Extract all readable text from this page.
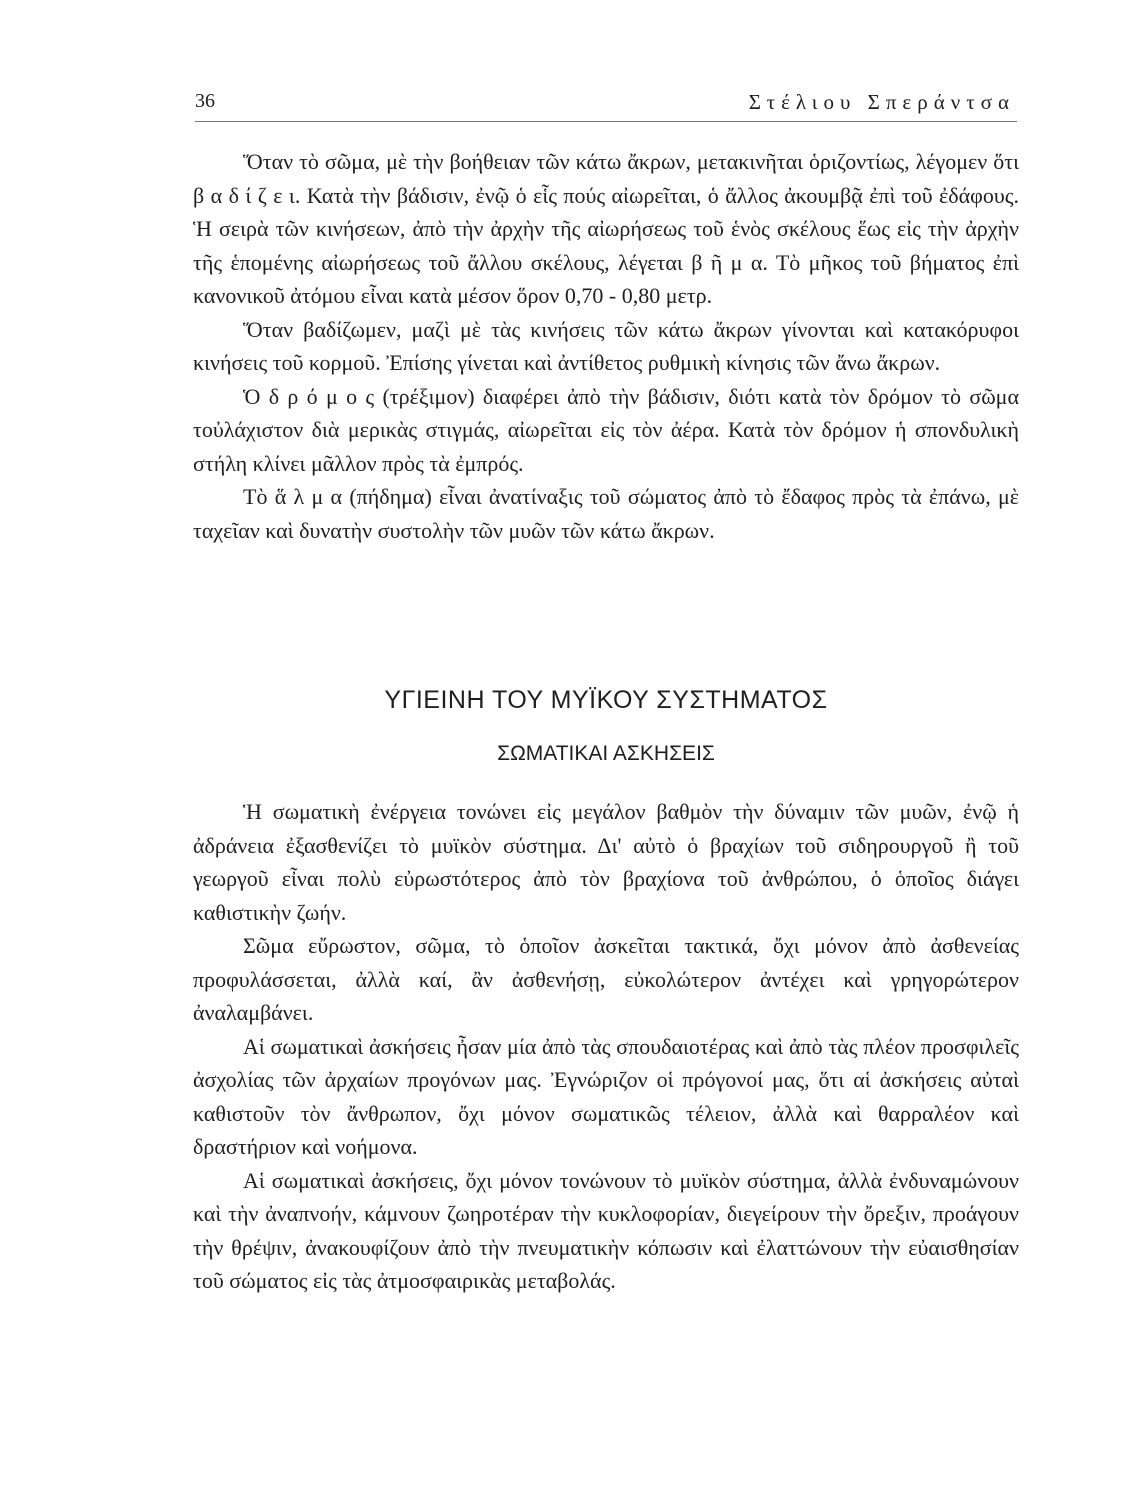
36	Στέλιου Σπεράντσα

Ὅταν τὸ σῶμα, μὲ τὴν βοήθειαν τῶν κάτω ἄκρων, μετακινῆται ὁριζοντίως, λέγομεν ὅτι β α δ ί ζ ε ι. Κατὰ τὴν βάδισιν, ἐνῷ ὁ εἷς πούς αἰωρεῖται, ὁ ἄλλος ἀκουμβᾷ ἐπὶ τοῦ ἐδάφους. Ἡ σειρὰ τῶν κινήσεων, ἀπὸ τὴν ἀρχὴν τῆς αἰωρήσεως τοῦ ἑνὸς σκέλους ἕως εἰς τὴν ἀρχὴν τῆς ἑπομένης αἰωρήσεως τοῦ ἄλλου σκέλους, λέγεται β ῆ μ α. Τὸ μῆκος τοῦ βήματος ἐπὶ κανονικοῦ ἀτόμου εἶναι κατὰ μέσον ὅρον 0,70 - 0,80 μετρ.

Ὅταν βαδίζωμεν, μαζὶ μὲ τὰς κινήσεις τῶν κάτω ἄκρων γίνονται καὶ κατακόρυφοι κινήσεις τοῦ κορμοῦ. Ἐπίσης γίνεται καὶ ἀντίθετος ρυθμικὴ κίνησις τῶν ἄνω ἄκρων.

Ὁ δ ρ ό μ ο ς (τρέξιμον) διαφέρει ἀπὸ τὴν βάδισιν, διότι κατὰ τὸν δρόμον τὸ σῶμα τοὐλάχιστον διὰ μερικὰς στιγμάς, αἰωρεῖται εἰς τὸν ἀέρα. Κατὰ τὸν δρόμον ἡ σπονδυλικὴ στήλη κλίνει μᾶλλον πρὸς τὰ ἐμπρός.

Τὸ ἅ λ μ α (πήδημα) εἶναι ἀνατίναξις τοῦ σώματος ἀπὸ τὸ ἔδαφος πρὸς τὰ ἐπάνω, μὲ ταχεῖαν καὶ δυνατὴν συστολὴν τῶν μυῶν τῶν κάτω ἄκρων.

ΥΓΙΕΙΝΗ ΤΟΥ ΜΥΪΚΟΥ ΣΥΣΤΗΜΑΤΟΣ
ΣΩΜΑΤΙΚΑΙ ΑΣΚΗΣΕΙΣ

Ἡ σωματικὴ ἐνέργεια τονώνει εἰς μεγάλον βαθμὸν τὴν δύναμιν τῶν μυῶν, ἐνῷ ἡ ἀδράνεια ἐξασθενίζει τὸ μυϊκὸν σύστημα. Δι' αὐτὸ ὁ βραχίων τοῦ σιδηρουργοῦ ἢ τοῦ γεωργοῦ εἶναι πολὺ εὐρωστότερος ἀπὸ τὸν βραχίονα τοῦ ἀνθρώπου, ὁ ὁποῖος διάγει καθιστικὴν ζωήν.

Σῶμα εὔρωστον, σῶμα, τὸ ὁποῖον ἀσκεῖται τακτικά, ὄχι μόνον ἀπὸ ἀσθενείας προφυλάσσεται, ἀλλὰ καί, ἂν ἀσθενήσῃ, εὐκολώτερον ἀντέχει καὶ γρηγορώτερον ἀναλαμβάνει.

Αἱ σωματικαὶ ἀσκήσεις ἦσαν μία ἀπὸ τὰς σπουδαιοτέρας καὶ ἀπὸ τὰς πλέον προσφιλεῖς ἀσχολίας τῶν ἀρχαίων προγόνων μας. Ἐγνώριζον οἱ πρόγονοί μας, ὅτι αἱ ἀσκήσεις αὐταὶ καθιστοῦν τὸν ἄνθρωπον, ὄχι μόνον σωματικῶς τέλειον, ἀλλὰ καὶ θαρραλέον καὶ δραστήριον καὶ νοήμονα.

Αἱ σωματικαὶ ἀσκήσεις, ὄχι μόνον τονώνουν τὸ μυϊκὸν σύστημα, ἀλλὰ ἐνδυναμώνουν καὶ τὴν ἀναπνοήν, κάμνουν ζωηροτέραν τὴν κυκλοφορίαν, διεγείρουν τὴν ὄρεξιν, προάγουν τὴν θρέψιν, ἀνακουφίζουν ἀπὸ τὴν πνευματικὴν κόπωσιν καὶ ἐλαττώνουν τὴν εὐαισθησίαν τοῦ σώματος εἰς τὰς ἀτμοσφαιρικὰς μεταβολάς.
